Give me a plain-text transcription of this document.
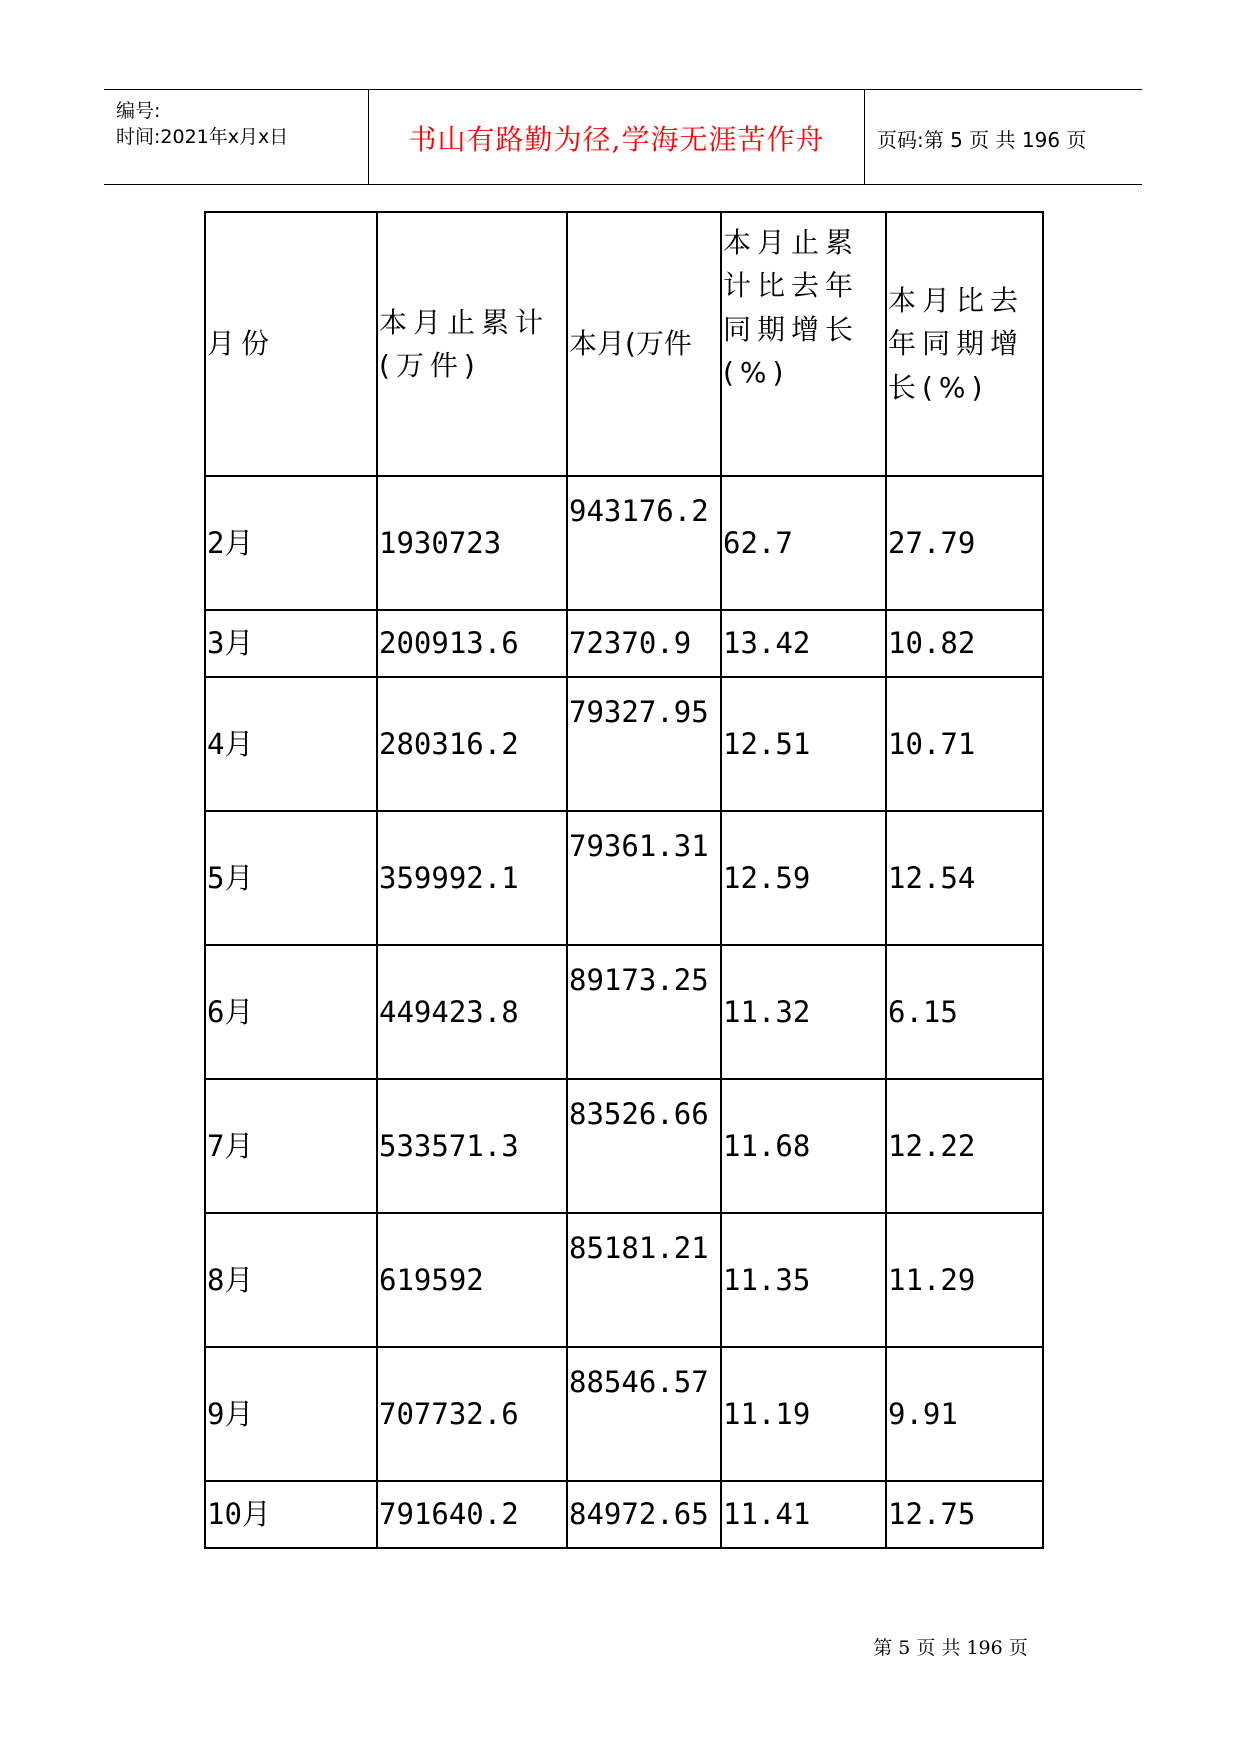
编号:
时间:2021年x月x日	书山有路勤为径,学海无涯苦作舟	页码:第 5 页 共 196 页
月份	本月止累计(万件)	本月(万件	本月止累计比去年同期增长(%)	本月比去年同期增长(%)
2月	1930723	943176.2	62.7	27.79
3月	200913.6	72370.9	13.42	10.82
4月	280316.2	79327.95	12.51	10.71
5月	359992.1	79361.31	12.59	12.54
6月	449423.8	89173.25	11.32	6.15
7月	533571.3	83526.66	11.68	12.22
8月	619592	85181.21	11.35	11.29
9月	707732.6	88546.57	11.19	9.91
10月	791640.2	84972.65	11.41	12.75
第 5 页 共 196 页
